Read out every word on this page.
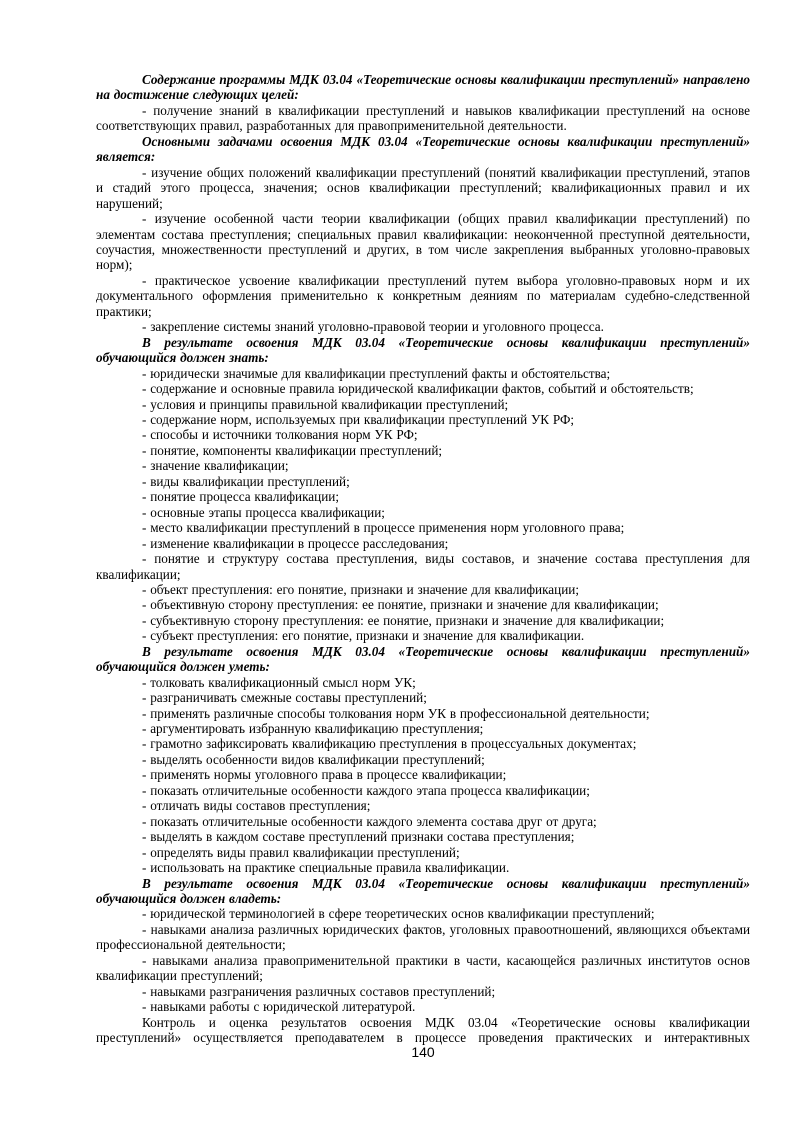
Содержание программы МДК 03.04 «Теоретические основы квалификации преступлений» направлено на достижение следующих целей:

- получение знаний в квалификации преступлений и навыков квалификации преступлений на основе соответствующих правил, разработанных для правоприменительной деятельности.

Основными задачами освоения МДК 03.04 «Теоретические основы квалификации преступлений» является:

- изучение общих положений квалификации преступлений (понятий квалификации преступлений, этапов и стадий этого процесса, значения; основ квалификации преступлений; квалификационных правил и их нарушений;

- изучение особенной части теории квалификации (общих правил квалификации преступлений) по элементам состава преступления; специальных правил квалификации: неоконченной преступной деятельности, соучастия, множественности преступлений и других, в том числе закрепления выбранных уголовно-правовых норм);

- практическое усвоение квалификации преступлений путем выбора уголовно-правовых норм и их документального оформления применительно к конкретным деяниям по материалам судебно-следственной практики;

- закрепление системы знаний уголовно-правовой теории и уголовного процесса.

В результате освоения МДК 03.04 «Теоретические основы квалификации преступлений» обучающийся должен знать:

- юридически значимые для квалификации преступлений факты и обстоятельства;

- содержание и основные правила юридической квалификации фактов, событий и обстоятельств;

- условия и принципы правильной квалификации преступлений;

- содержание норм, используемых при квалификации преступлений УК РФ;

- способы и источники толкования норм УК РФ;

- понятие, компоненты квалификации преступлений;

- значение квалификации;

- виды квалификации преступлений;

- понятие процесса квалификации;

- основные этапы процесса квалификации;

- место квалификации преступлений в процессе применения норм уголовного права;

- изменение квалификации в процессе расследования;

- понятие и структуру состава преступления, виды составов, и значение состава преступления для квалификации;

- объект преступления: его понятие, признаки и значение для квалификации;

- объективную сторону преступления: ее понятие, признаки и значение для квалификации;

- субъективную сторону преступления: ее понятие, признаки и значение для квалификации;

- субъект преступления: его понятие, признаки и значение для квалификации.

В результате освоения МДК 03.04 «Теоретические основы квалификации преступлений» обучающийся должен уметь:

- толковать квалификационный смысл норм УК;

- разграничивать смежные составы преступлений;

- применять различные способы толкования норм УК в профессиональной деятельности;

- аргументировать избранную квалификацию преступления;

- грамотно зафиксировать квалификацию преступления в процессуальных документах;

- выделять особенности видов квалификации преступлений;

- применять нормы уголовного права в процессе квалификации;

- показать отличительные особенности каждого этапа процесса квалификации;

- отличать виды составов преступления;

- показать отличительные особенности каждого элемента состава друг от друга;

- выделять в каждом составе преступлений признаки состава преступления;

- определять виды правил квалификации преступлений;

- использовать на практике специальные правила квалификации.

В результате освоения МДК 03.04 «Теоретические основы квалификации преступлений» обучающийся должен владеть:

- юридической терминологией в сфере теоретических основ квалификации преступлений;

- навыками анализа различных юридических фактов, уголовных правоотношений, являющихся объектами профессиональной деятельности;

- навыками анализа правоприменительной практики в части, касающейся различных институтов основ квалификации преступлений;

- навыками разграничения различных составов преступлений;

- навыками работы с юридической литературой.

Контроль и оценка результатов освоения МДК 03.04 «Теоретические основы квалификации преступлений» осуществляется преподавателем в процессе проведения практических и интерактивных

140
